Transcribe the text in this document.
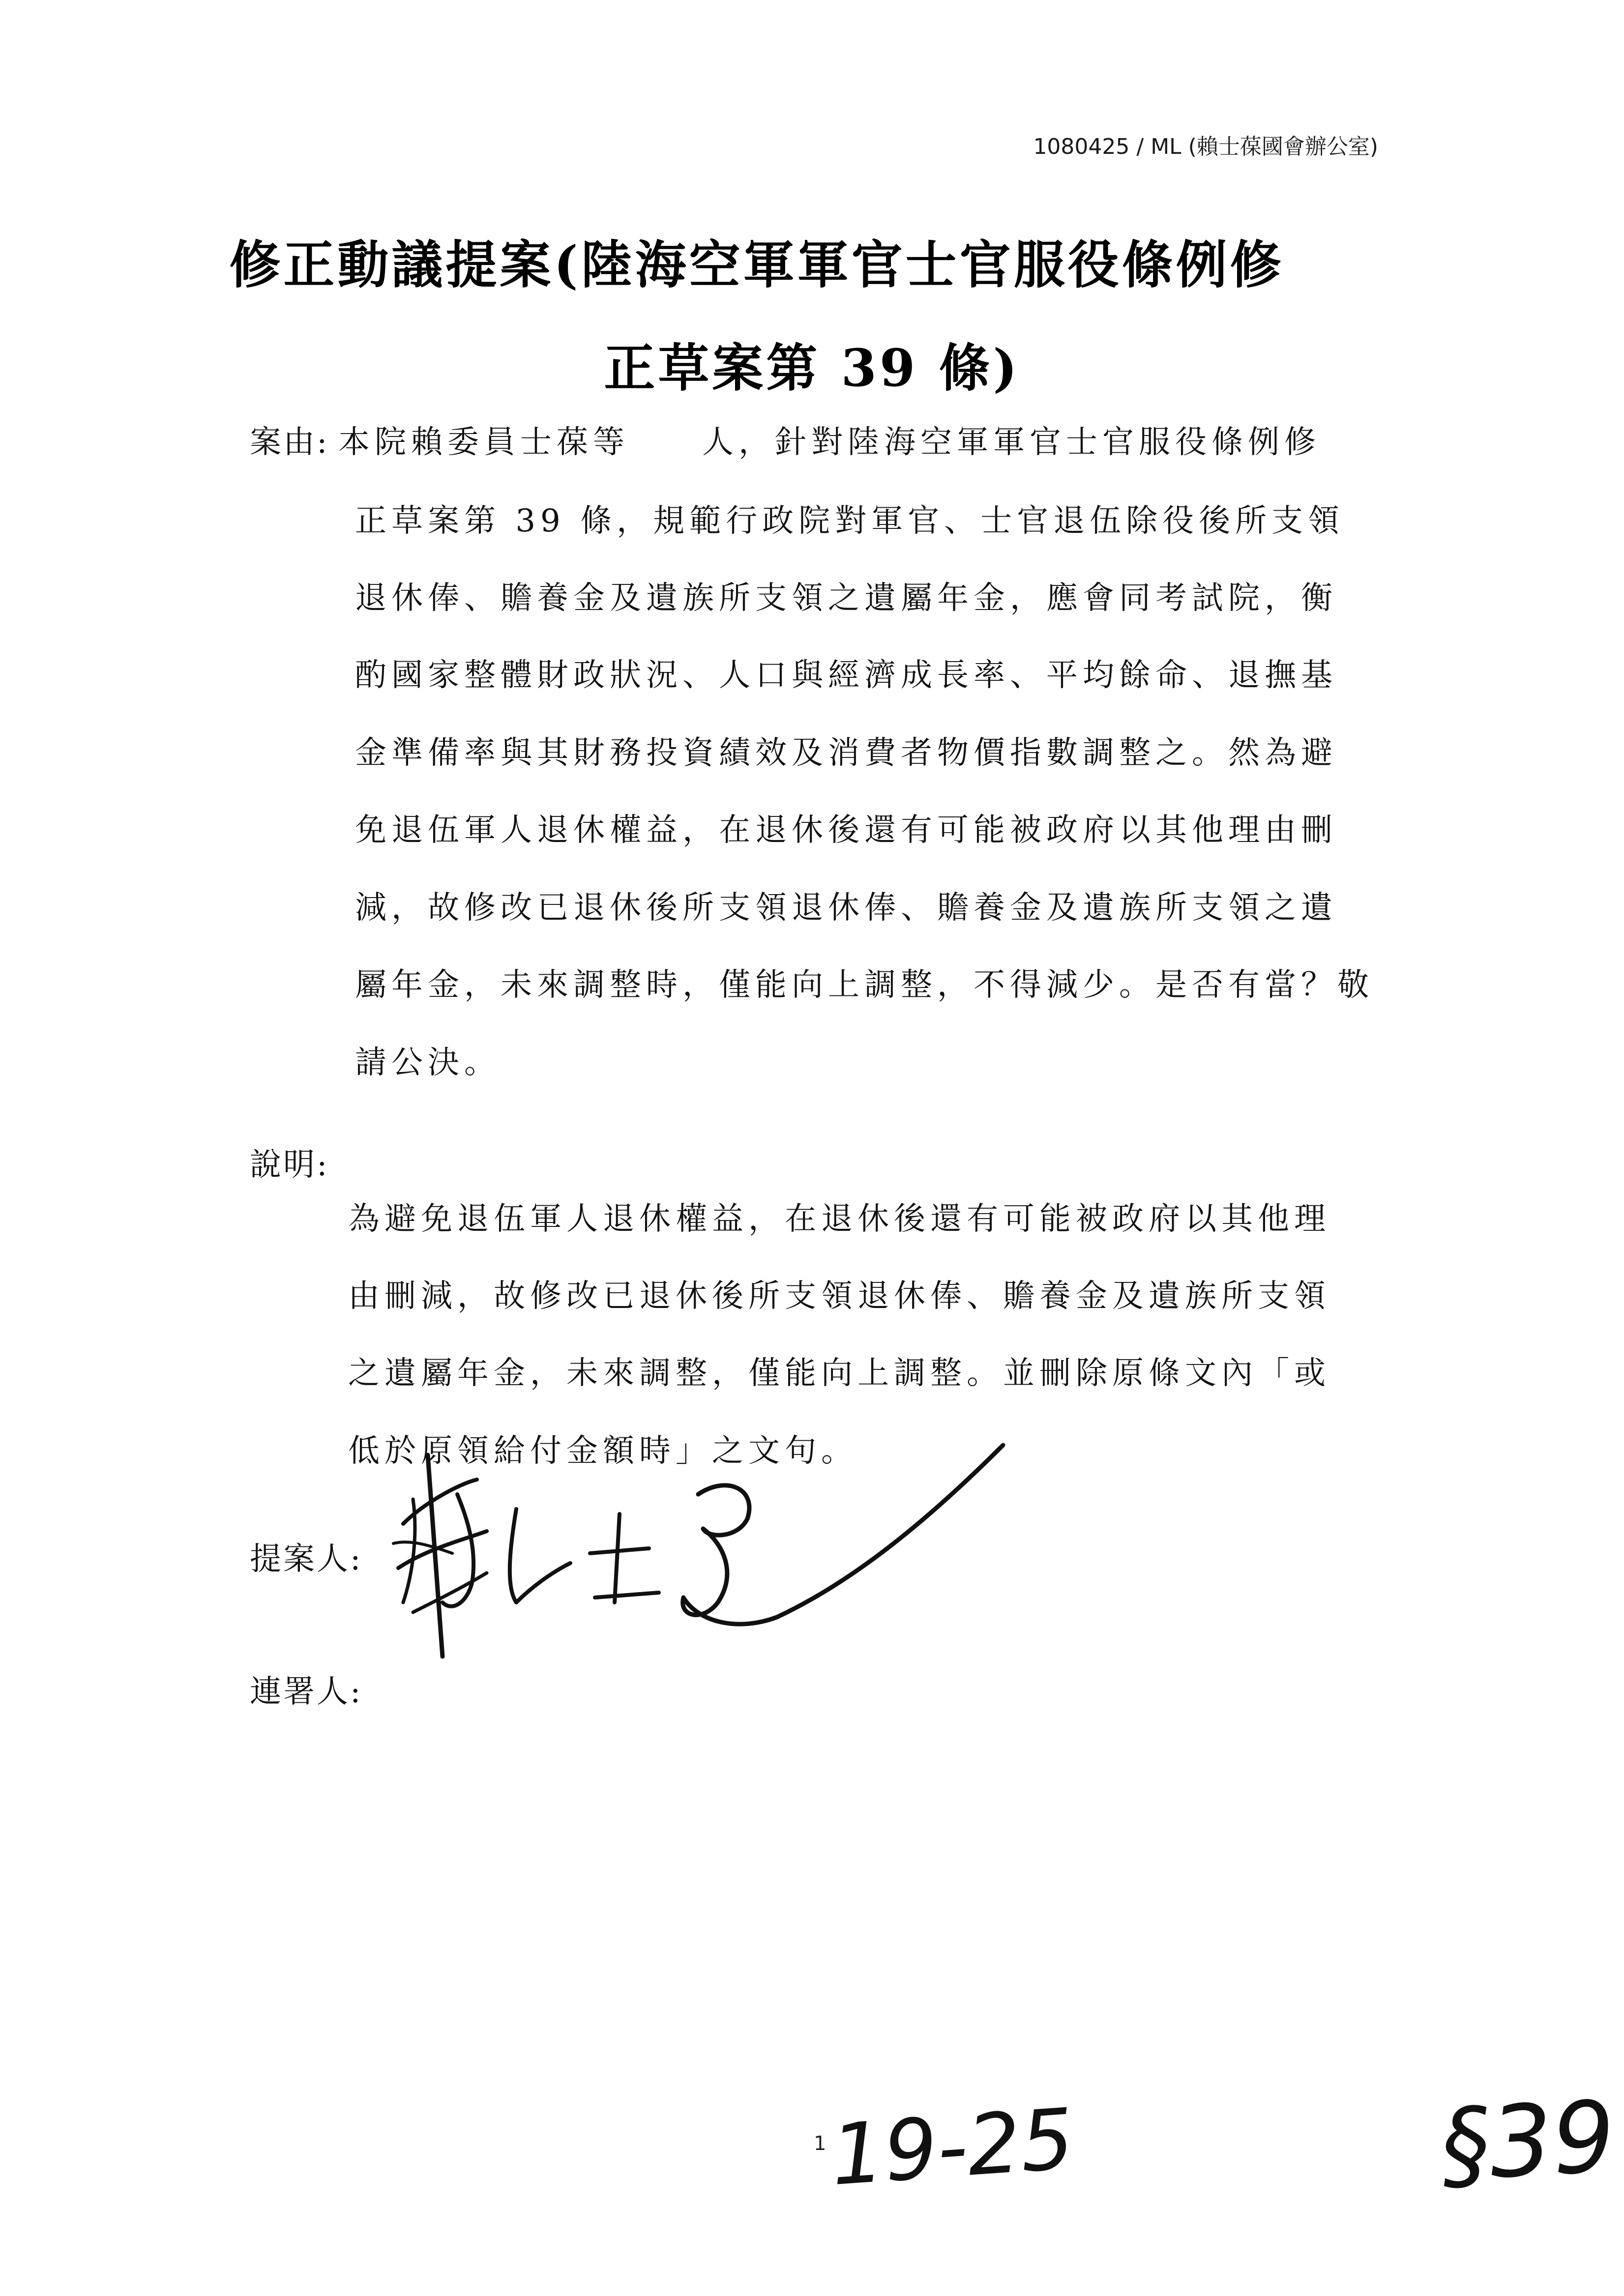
1080425 / ML (賴士葆國會辦公室)
修正動議提案(陸海空軍軍官士官服役條例修
正草案第 39 條)
案由: 本院賴委員士葆等　　人，針對陸海空軍軍官士官服役條例修
正草案第 39 條，規範行政院對軍官、士官退伍除役後所支領
退休俸、贍養金及遺族所支領之遺屬年金，應會同考試院，衡
酌國家整體財政狀況、人口與經濟成長率、平均餘命、退撫基
金準備率與其財務投資績效及消費者物價指數調整之。然為避
免退伍軍人退休權益，在退休後還有可能被政府以其他理由刪
減，故修改已退休後所支領退休俸、贍養金及遺族所支領之遺
屬年金，未來調整時，僅能向上調整，不得減少。是否有當？敬
請公決。
說明:
為避免退伍軍人退休權益，在退休後還有可能被政府以其他理
由刪減，故修改已退休後所支領退休俸、贍養金及遺族所支領
之遺屬年金，未來調整，僅能向上調整。並刪除原條文內「或
低於原領給付金額時」之文句。
提案人:
連署人:
1 19-25	§39
